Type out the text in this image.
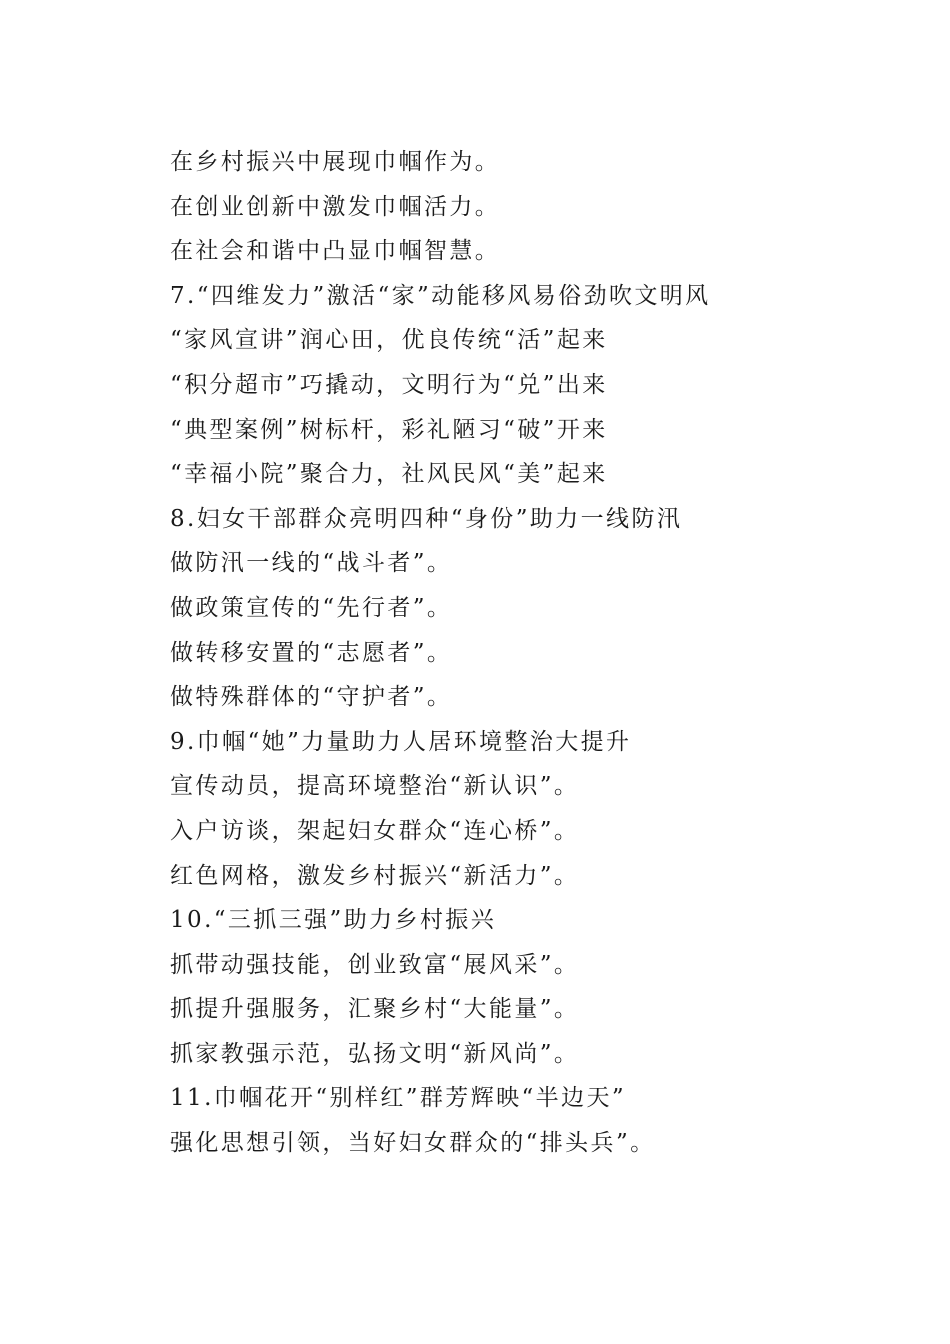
在乡村振兴中展现巾帼作为。
在创业创新中激发巾帼活力。
在社会和谐中凸显巾帼智慧。
7.“四维发力”激活“家”动能移风易俗劲吹文明风
“家风宣讲”润心田，优良传统“活”起来
“积分超市”巧撬动，文明行为“兑”出来
“典型案例”树标杆，彩礼陋习“破”开来
“幸福小院”聚合力，社风民风“美”起来
8.妇女干部群众亮明四种“身份”助力一线防汛
做防汛一线的“战斗者”。
做政策宣传的“先行者”。
做转移安置的“志愿者”。
做特殊群体的“守护者”。
9.巾帼“她”力量助力人居环境整治大提升
宣传动员，提高环境整治“新认识”。
入户访谈，架起妇女群众“连心桥”。
红色网格，激发乡村振兴“新活力”。
10.“三抓三强”助力乡村振兴
抓带动强技能，创业致富“展风采”。
抓提升强服务，汇聚乡村“大能量”。
抓家教强示范，弘扬文明“新风尚”。
11.巾帼花开“别样红”群芳辉映“半边天”
强化思想引领，当好妇女群众的“排头兵”。
